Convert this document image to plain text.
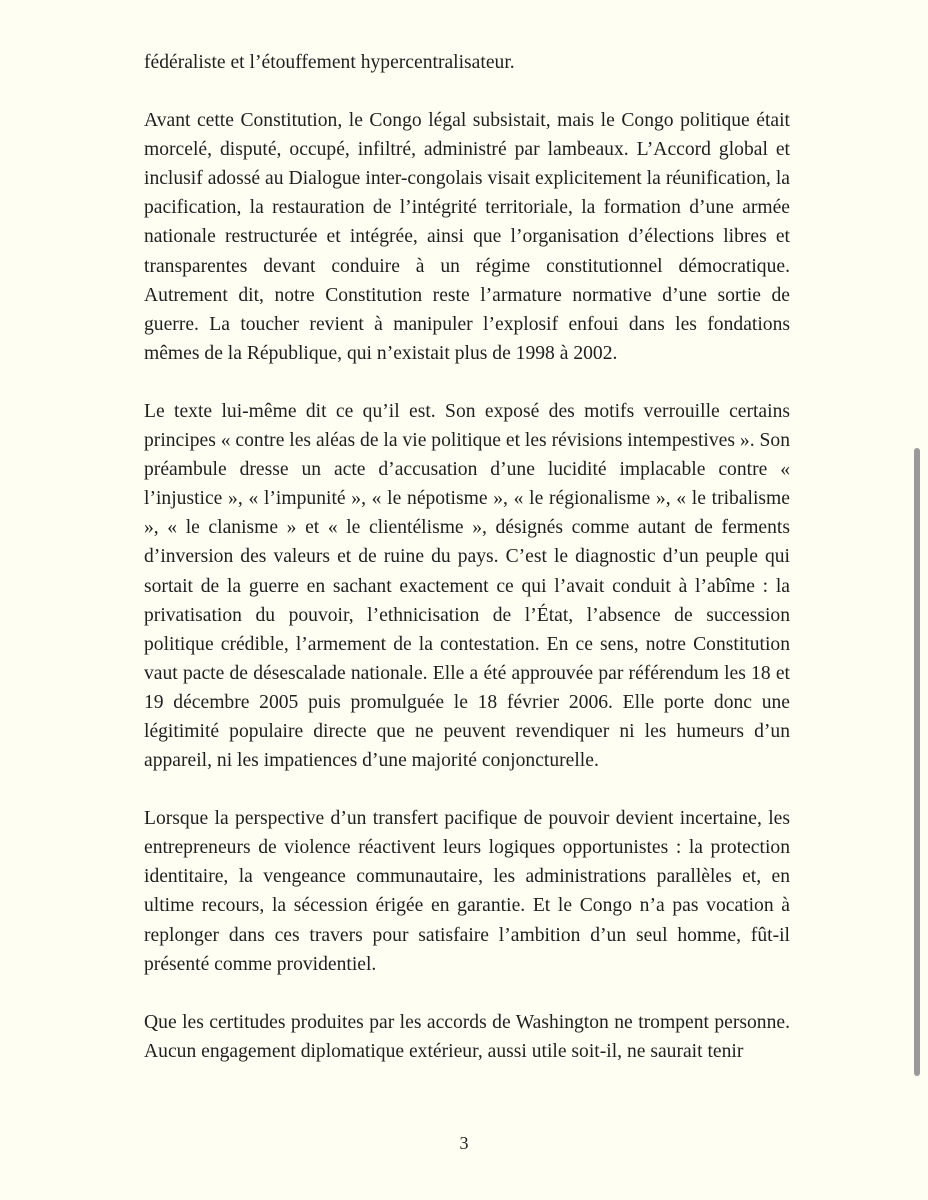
fédéraliste et l’étouffement hypercentralisateur.

Avant cette Constitution, le Congo légal subsistait, mais le Congo politique était morcelé, disputé, occupé, infiltré, administré par lambeaux. L’Accord global et inclusif adossé au Dialogue inter-congolais visait explicitement la réunification, la pacification, la restauration de l’intégrité territoriale, la formation d’une armée nationale restructurée et intégrée, ainsi que l’organisation d’élections libres et transparentes devant conduire à un régime constitutionnel démocratique. Autrement dit, notre Constitution reste l’armature normative d’une sortie de guerre. La toucher revient à manipuler l’explosif enfoui dans les fondations mêmes de la République, qui n’existait plus de 1998 à 2002.

Le texte lui-même dit ce qu’il est. Son exposé des motifs verrouille certains principes « contre les aléas de la vie politique et les révisions intempestives ». Son préambule dresse un acte d’accusation d’une lucidité implacable contre « l’injustice », « l’impunité », « le népotisme », « le régionalisme », « le tribalisme », « le clanisme » et « le clientélisme », désignés comme autant de ferments d’inversion des valeurs et de ruine du pays. C’est le diagnostic d’un peuple qui sortait de la guerre en sachant exactement ce qui l’avait conduit à l’abîme : la privatisation du pouvoir, l’ethnicisation de l’État, l’absence de succession politique crédible, l’armement de la contestation. En ce sens, notre Constitution vaut pacte de désescalade nationale. Elle a été approuvée par référendum les 18 et 19 décembre 2005 puis promulguée le 18 février 2006. Elle porte donc une légitimité populaire directe que ne peuvent revendiquer ni les humeurs d’un appareil, ni les impatiences d’une majorité conjoncturelle.

Lorsque la perspective d’un transfert pacifique de pouvoir devient incertaine, les entrepreneurs de violence réactivent leurs logiques opportunistes : la protection identitaire, la vengeance communautaire, les administrations parallèles et, en ultime recours, la sécession érigée en garantie. Et le Congo n’a pas vocation à replonger dans ces travers pour satisfaire l’ambition d’un seul homme, fût-il présenté comme providentiel.

Que les certitudes produites par les accords de Washington ne trompent personne. Aucun engagement diplomatique extérieur, aussi utile soit-il, ne saurait tenir

3
